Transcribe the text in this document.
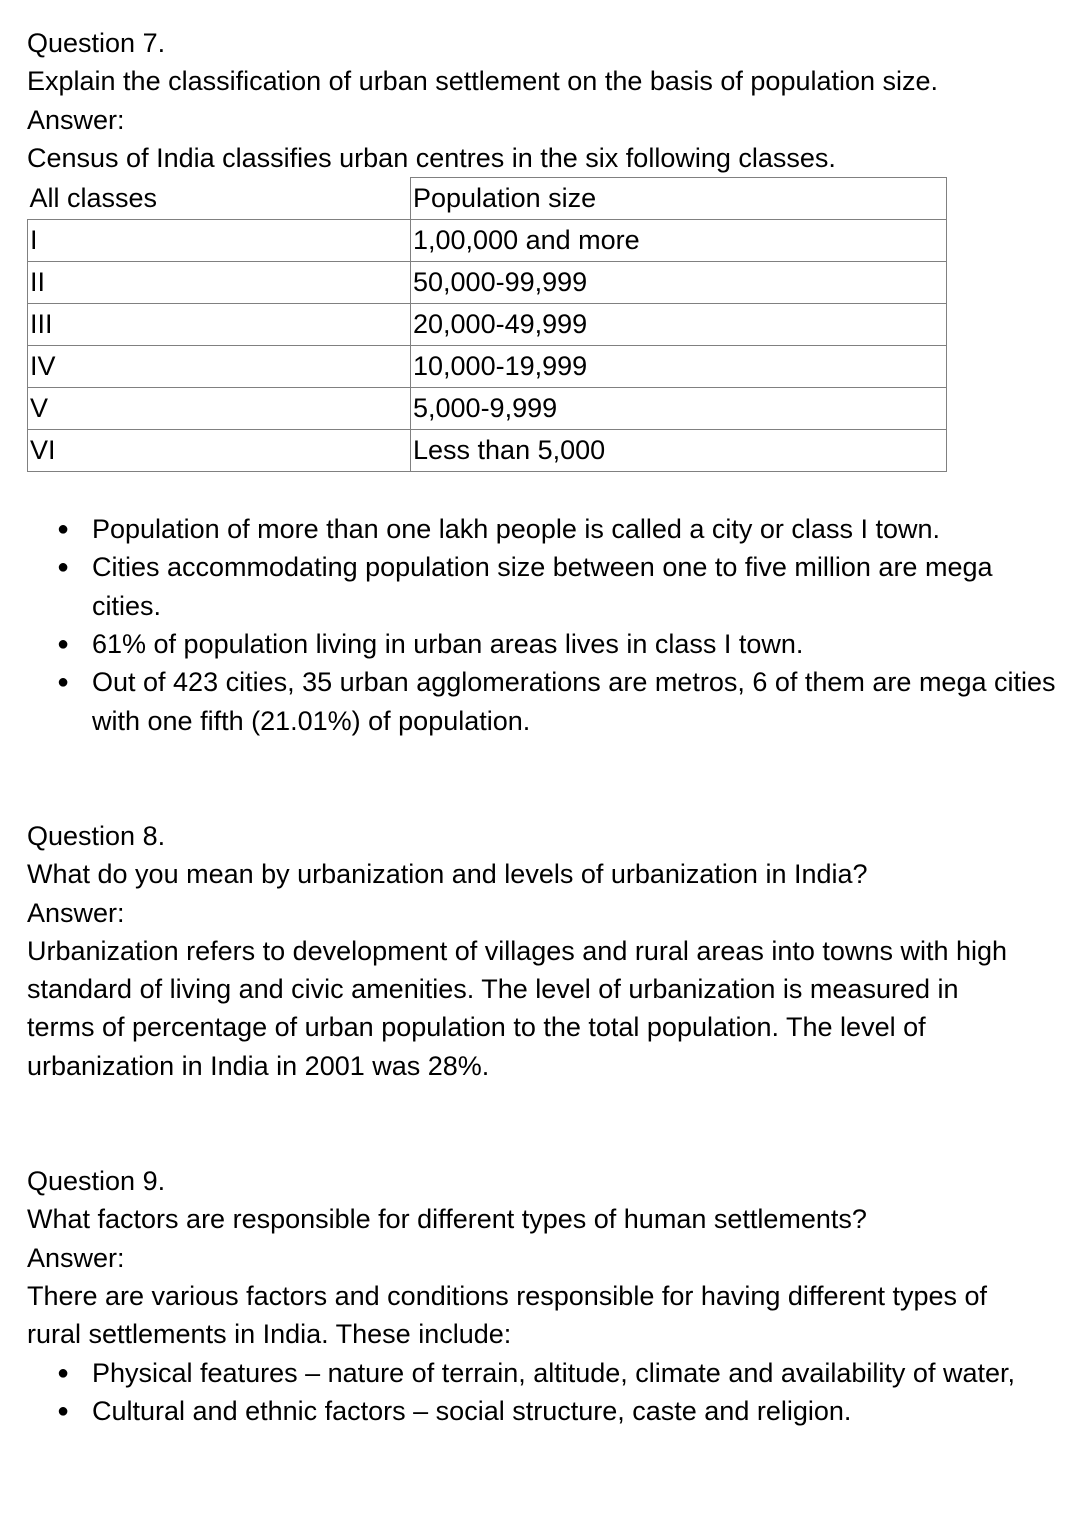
Question 7.

Explain the classification of urban settlement on the basis of population size.

Answer:

Census of India classifies urban centres in the six following classes.

All classes	Population size
I	1,00,000 and more
II	50,000-99,999
III	20,000-49,999
IV	10,000-19,999
V	5,000-9,999
VI	Less than 5,000
● Population of more than one lakh people is called a city or class I town.
● Cities accommodating population size between one to five million are mega cities.
● 61% of population living in urban areas lives in class I town.
● Out of 423 cities, 35 urban agglomerations are metros, 6 of them are mega cities with one fifth (21.01%) of population.

Question 8.

What do you mean by urbanization and levels of urbanization in India?

Answer:

Urbanization refers to development of villages and rural areas into towns with high standard of living and civic amenities. The level of urbanization is measured in terms of percentage of urban population to the total population. The level of urbanization in India in 2001 was 28%.

Question 9.

What factors are responsible for different types of human settlements?

Answer:

There are various factors and conditions responsible for having different types of rural settlements in India. These include:

● Physical features – nature of terrain, altitude, climate and availability of water,
● Cultural and ethnic factors – social structure, caste and religion.
